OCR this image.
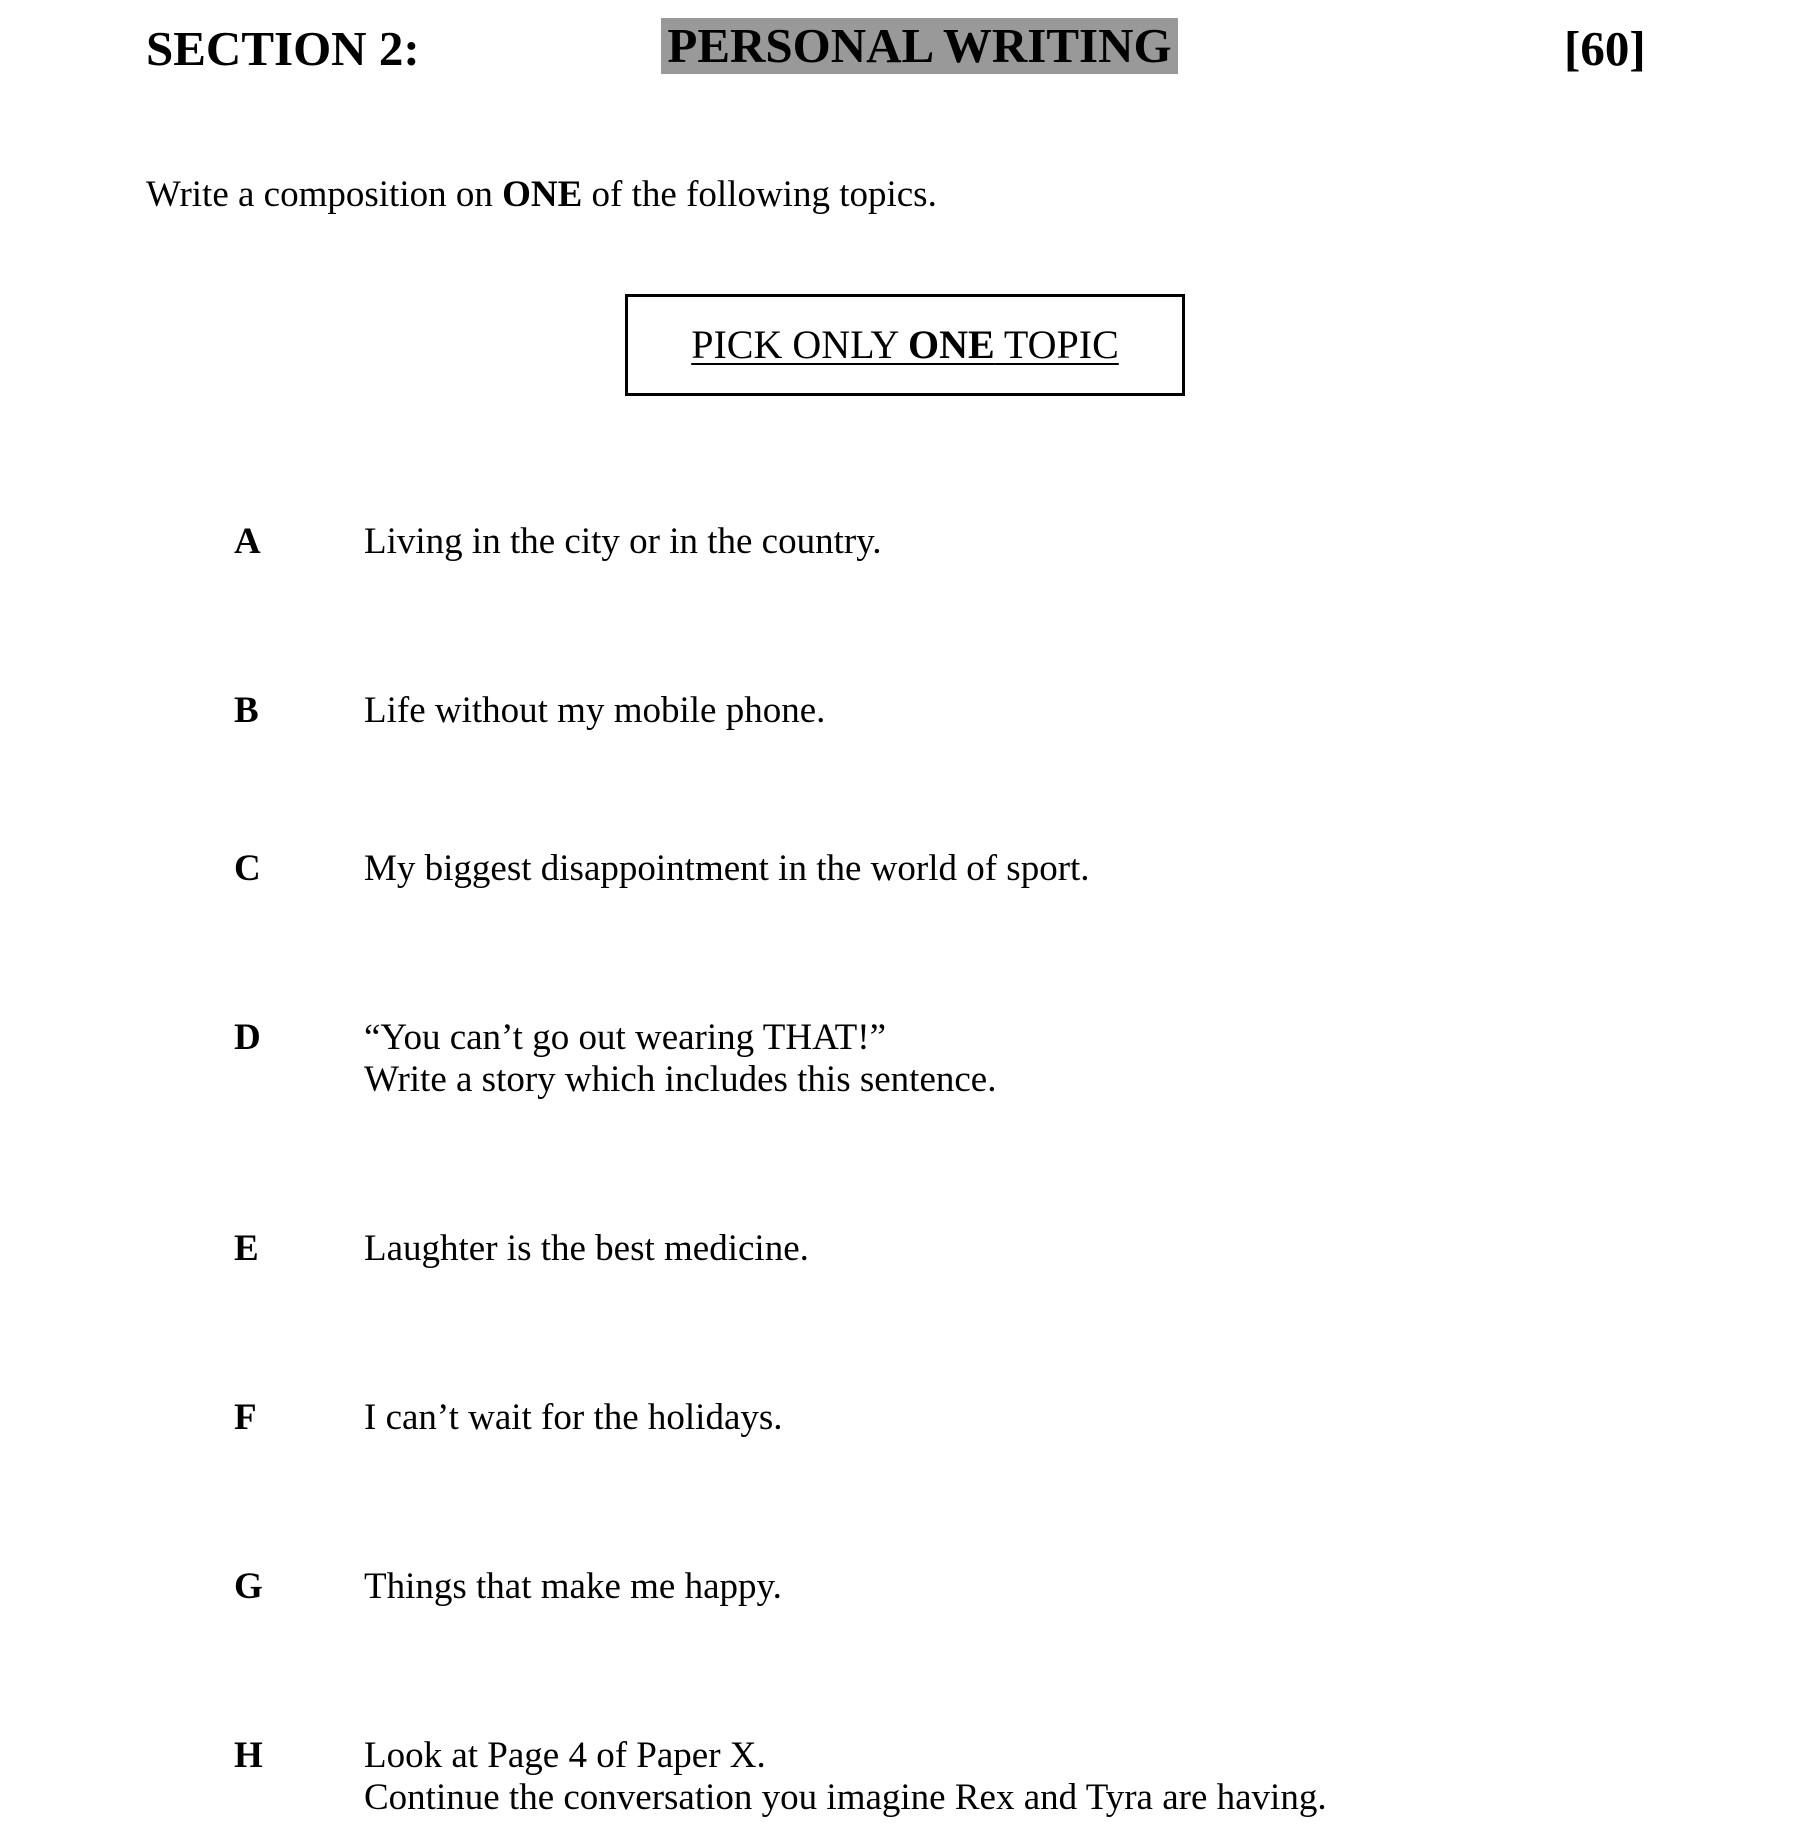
SECTION 2:	PERSONAL WRITING	[60]
Write a composition on ONE of the following topics.
PICK ONLY ONE TOPIC
A	Living in the city or in the country.
B	Life without my mobile phone.
C	My biggest disappointment in the world of sport.
D	“You can’t go out wearing THAT!”
Write a story which includes this sentence.
E	Laughter is the best medicine.
F	I can’t wait for the holidays.
G	Things that make me happy.
H	Look at Page 4 of Paper X.
Continue the conversation you imagine Rex and Tyra are having.
